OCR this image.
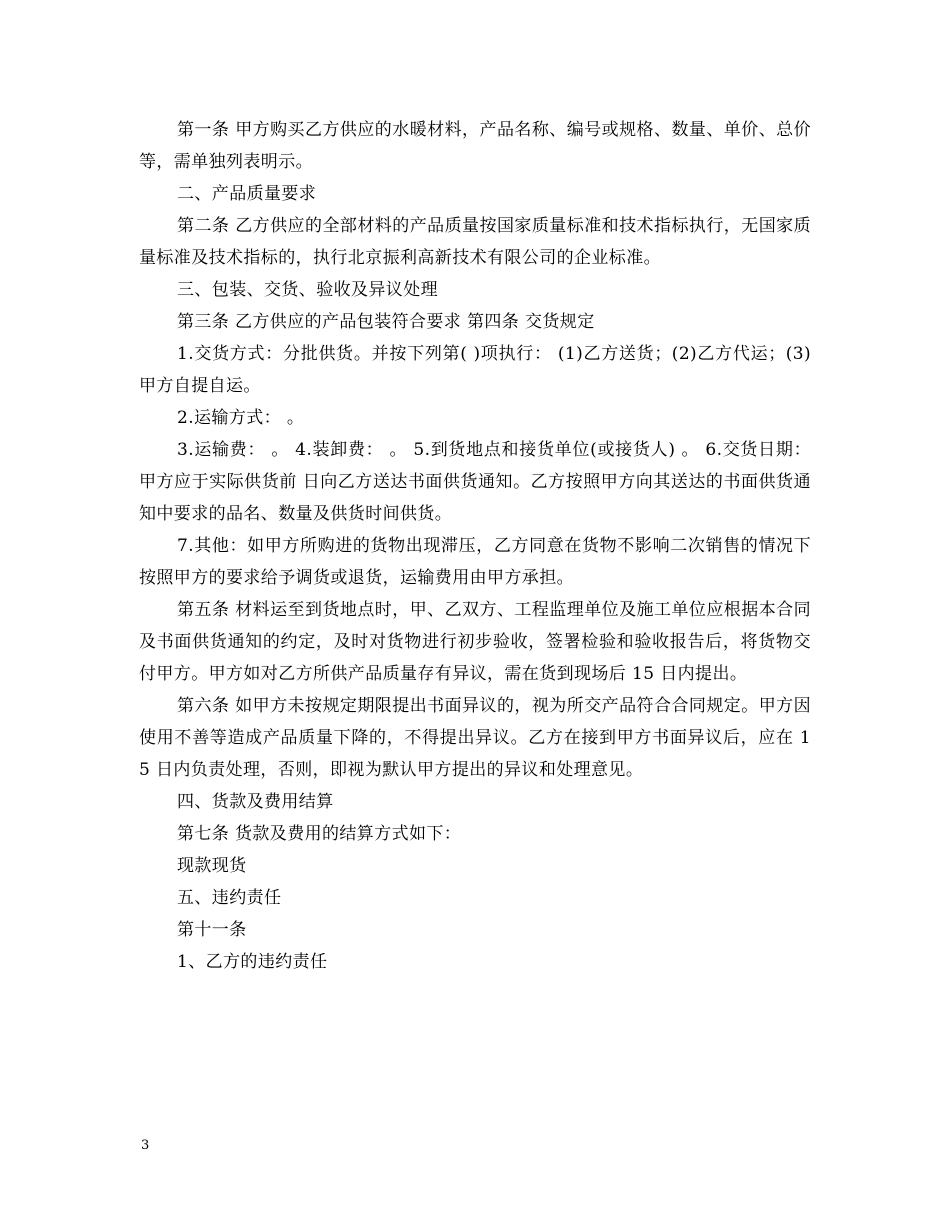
第一条 甲方购买乙方供应的水暖材料，产品名称、编号或规格、数量、单价、总价等，需单独列表明示。

二、产品质量要求

第二条 乙方供应的全部材料的产品质量按国家质量标准和技术指标执行，无国家质量标准及技术指标的，执行北京振利高新技术有限公司的企业标准。

三、包装、交货、验收及异议处理

第三条 乙方供应的产品包装符合要求 第四条 交货规定

1.交货方式：分批供货。并按下列第( )项执行： (1)乙方送货；(2)乙方代运；(3)甲方自提自运。

2.运输方式： 。

3.运输费： 。 4.装卸费： 。 5.到货地点和接货单位(或接货人) 。 6.交货日期：甲方应于实际供货前 日向乙方送达书面供货通知。乙方按照甲方向其送达的书面供货通知中要求的品名、数量及供货时间供货。

7.其他：如甲方所购进的货物出现滞压，乙方同意在货物不影响二次销售的情况下按照甲方的要求给予调货或退货，运输费用由甲方承担。

第五条 材料运至到货地点时，甲、乙双方、工程监理单位及施工单位应根据本合同及书面供货通知的约定，及时对货物进行初步验收，签署检验和验收报告后，将货物交付甲方。甲方如对乙方所供产品质量存有异议，需在货到现场后 15 日内提出。

第六条 如甲方未按规定期限提出书面异议的，视为所交产品符合合同规定。甲方因使用不善等造成产品质量下降的，不得提出异议。乙方在接到甲方书面异议后，应在 15 日内负责处理，否则，即视为默认甲方提出的异议和处理意见。

四、货款及费用结算

第七条 货款及费用的结算方式如下：

现款现货

五、违约责任

第十一条

1、乙方的违约责任

3
